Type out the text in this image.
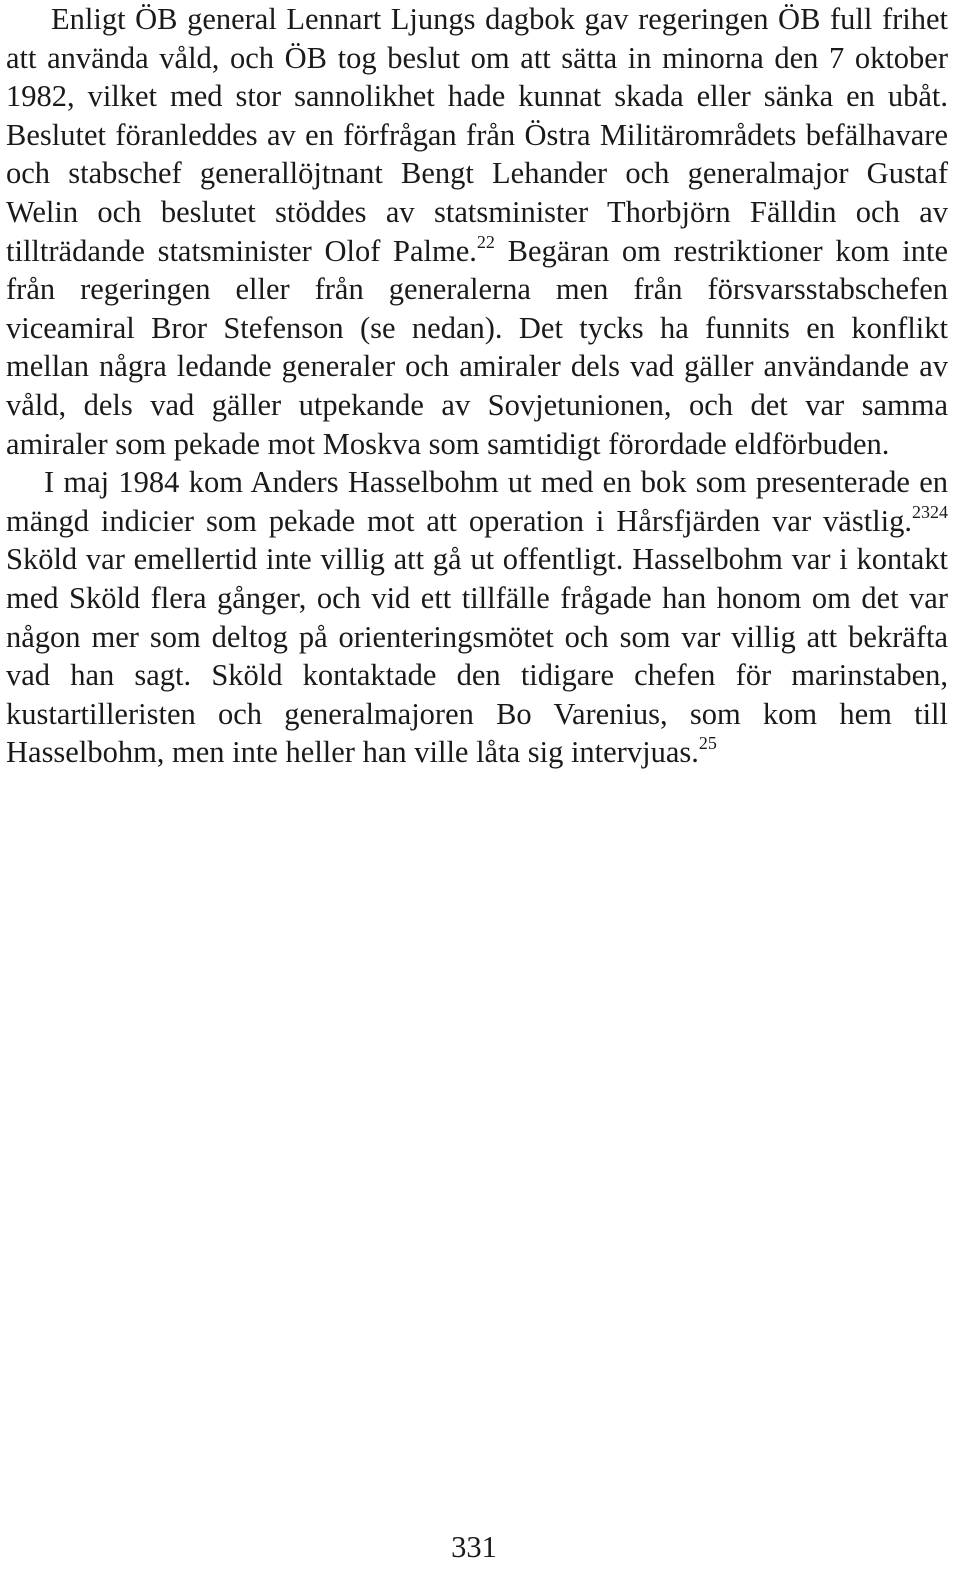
Enligt ÖB general Lennart Ljungs dagbok gav regeringen ÖB full frihet att använda våld, och ÖB tog beslut om att sätta in minorna den 7 oktober 1982, vilket med stor sannolikhet hade kunnat skada eller sänka en ubåt. Beslutet föranleddes av en förfrågan från Östra Militärområdets befälhavare och stabschef generallöjtnant Bengt Lehander och generalmajor Gustaf Welin och beslutet stöddes av statsminister Thorbjörn Fälldin och av tillträdande statsminister Olof Palme.$^{22}$ Begäran om restriktioner kom inte från regeringen eller från generalerna men från försvarsstabschefen viceamiral Bror Stefenson (se nedan). Det tycks ha funnits en konflikt mellan några ledande generaler och amiraler dels vad gäller användande av våld, dels vad gäller utpekande av Sovjetunionen, och det var samma amiraler som pekade mot Moskva som samtidigt förordade eldförbuden.

I maj 1984 kom Anders Hasselbohm ut med en bok som presenterade en mängd indicier som pekade mot att operation i Hårsfjärden var västlig.$^{2324}$ Sköld var emellertid inte villig att gå ut offentligt. Hasselbohm var i kontakt med Sköld flera gånger, och vid ett tillfälle frågade han honom om det var någon mer som deltog på orienteringsmötet och som var villig att bekräfta vad han sagt. Sköld kontaktade den tidigare chefen för marinstaben, kustartilleristen och generalmajoren Bo Varenius, som kom hem till Hasselbohm, men inte heller han ville låta sig intervjuas.$^{25}$

331
